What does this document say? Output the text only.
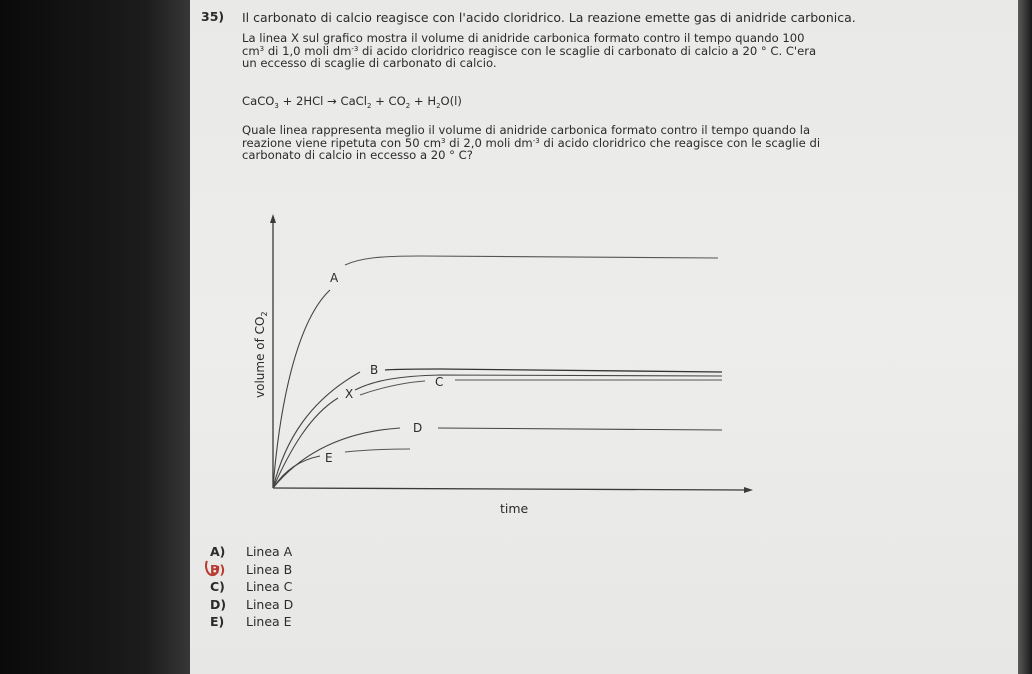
35) Il carbonato di calcio reagisce con l'acido cloridrico. La reazione emette gas di anidride carbonica.
La linea X sul grafico mostra il volume di anidride carbonica formato contro il tempo quando 100
$cm^3$ di 1,0 moli $dm^{-3}$ di acido cloridrico reagisce con le scaglie di carbonato di calcio a 20 ° C. C'era
un eccesso di scaglie di carbonato di calcio.
CaCO$_3$ + 2HCl → CaCl$_2$ + $CO_2 + H_2O(l)$
Quale linea rappresenta meglio il volume di anidride carbonica formato contro il tempo quando la
reazione viene ripetuta con 50 $cm^3$ di 2,0 moli $dm^{-3}$ di acido cloridrico che reagisce con le scaglie di
carbonato di calcio in eccesso a 20 ° C?
A
B
X
C
D
E
volume of $CO_2$
time
A)	Linea A
B)	Linea B
C)	Linea C
D)	Linea D
E)	Linea E
